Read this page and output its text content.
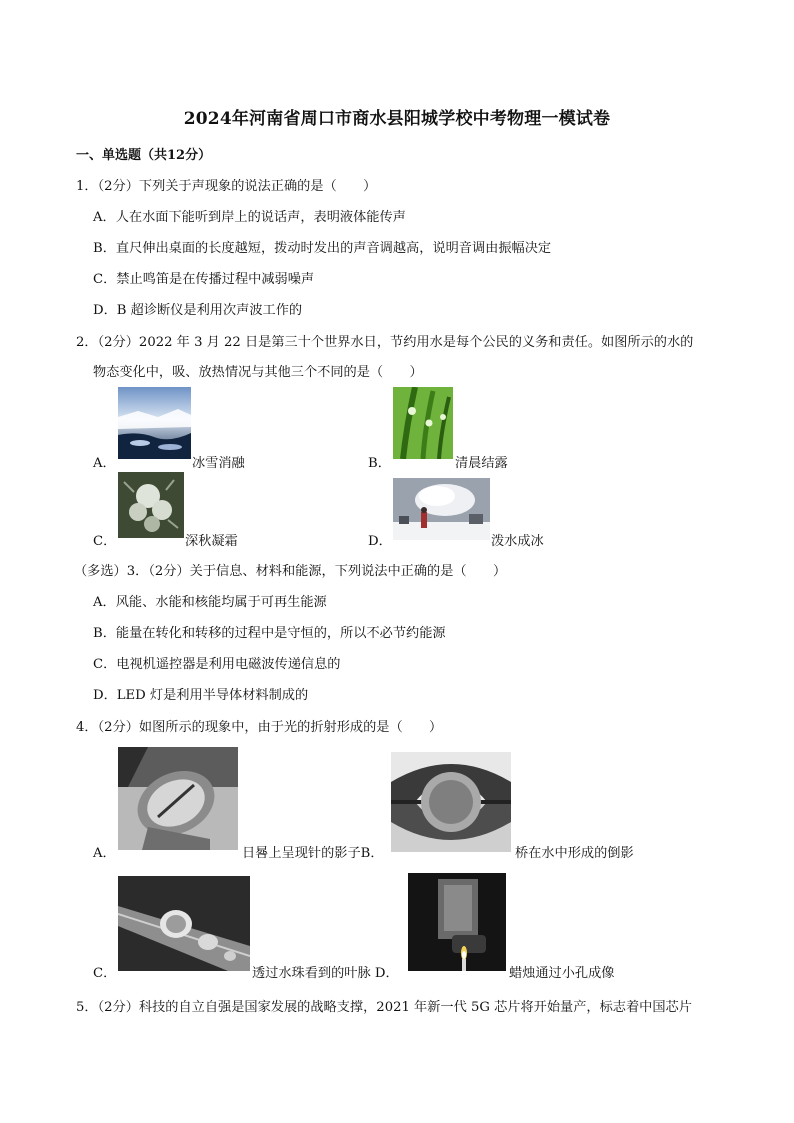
2024年河南省周口市商水县阳城学校中考物理一模试卷
一、单选题（共12分）
1．（2分）下列关于声现象的说法正确的是（　　）
A．人在水面下能听到岸上的说话声，表明液体能传声
B．直尺伸出桌面的长度越短，拨动时发出的声音调越高，说明音调由振幅决定
C．禁止鸣笛是在传播过程中减弱噪声
D．B 超诊断仪是利用次声波工作的
2．（2分）2022 年 3 月 22 日是第三十个世界水日，节约用水是每个公民的义务和责任。如图所示的水的
物态变化中，吸、放热情况与其他三个不同的是（　　）
A．	冰雪消融	B．	清晨结露
C．	深秋凝霜	D．	泼水成冰
（多选）3．（2分）关于信息、材料和能源，下列说法中正确的是（　　）
A．风能、水能和核能均属于可再生能源
B．能量在转化和转移的过程中是守恒的，所以不必节约能源
C．电视机遥控器是利用电磁波传递信息的
D．LED 灯是利用半导体材料制成的
4．（2分）如图所示的现象中，由于光的折射形成的是（　　）
A．	日晷上呈现针的影子B．	桥在水中形成的倒影
C．	透过水珠看到的叶脉 D．	蜡烛通过小孔成像
5．（2分）科技的自立自强是国家发展的战略支撑，2021 年新一代 5G 芯片将开始量产，标志着中国芯片
